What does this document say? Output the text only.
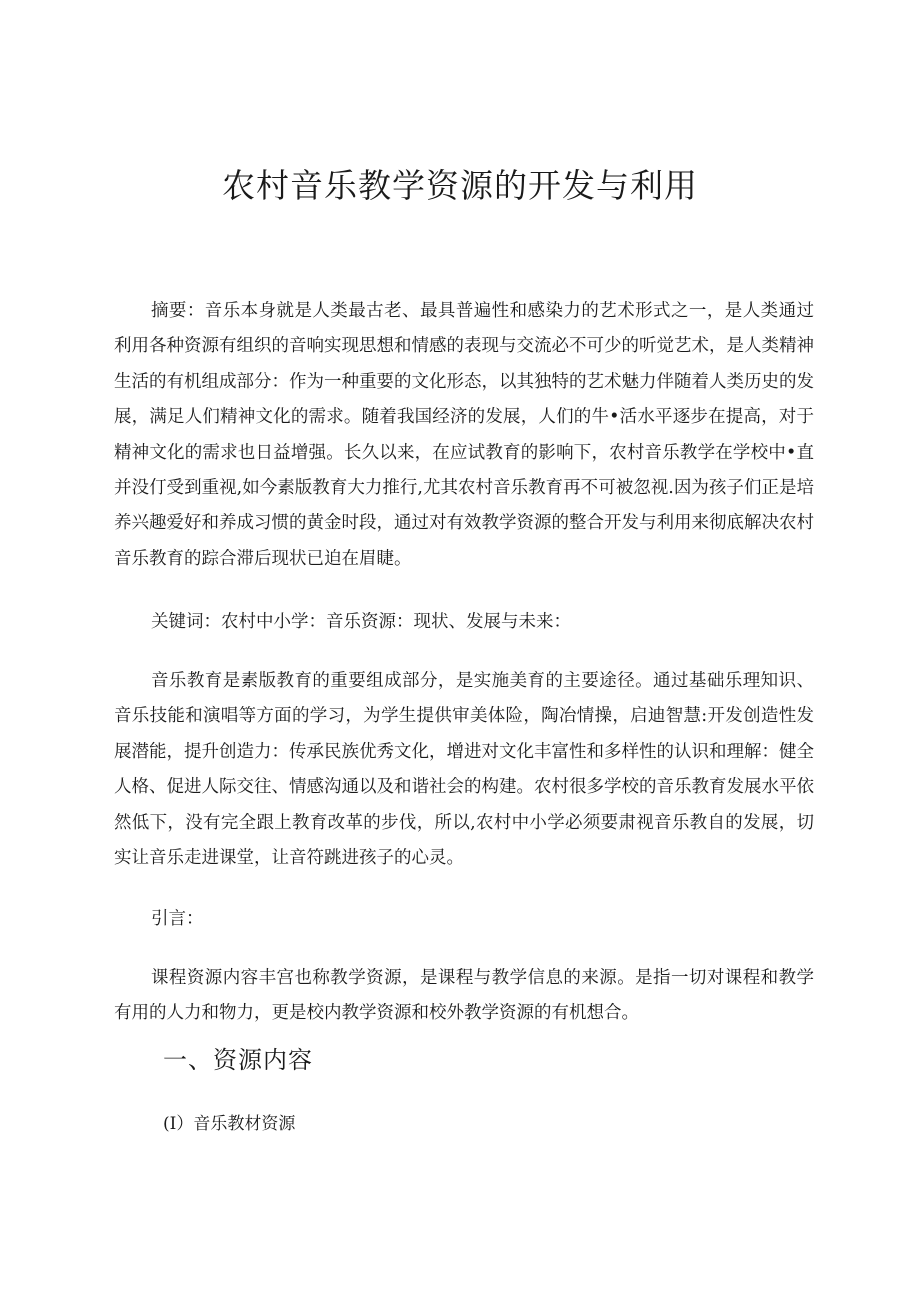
农村音乐教学资源的开发与利用

摘要：音乐本身就是人类最古老、最具普遍性和感染力的艺术形式之一，是人类通过利用各种资源有组织的音响实现思想和情感的表现与交流必不可少的听觉艺术，是人类精神生活的有机组成部分：作为一种重要的文化形态，以其独特的艺术魅力伴随着人类历史的发展，满足人们精神文化的需求。随着我国经济的发展，人们的牛•活水平逐步在提高，对于精神文化的需求也日益增强。长久以来，在应试教育的影响下，农村音乐教学在学校中•直并没仃受到重视,如今素版教育大力推行,尤其农村音乐教育再不可被忽视.因为孩子们正是培养兴趣爱好和养成习惯的黄金时段，通过对有效教学资源的整合开发与利用来彻底解决农村音乐教育的踪合滞后现状已迫在眉睫。

关键词：农村中小学：音乐资源：现状、发展与未来：

音乐教育是素版教育的重要组成部分，是实施美育的主要途径。通过基础乐理知识、音乐技能和演唱等方面的学习，为学生提供审美体险，陶冶情操，启迪智慧:开发创造性发展潜能，提升创造力：传承民族优秀文化，增进对文化丰富性和多样性的认识和理解：健全人格、促进人际交往、情感沟通以及和谐社会的构建。农村很多学校的音乐教育发展水平依然低下，没有完全跟上教育改革的步伐，所以,农村中小学必须要肃视音乐教自的发展，切实让音乐走进课堂，让音符跳进孩子的心灵。

引言：

课程资源内容丰宫也称教学资源，是课程与教学信息的来源。是指一切对课程和教学有用的人力和物力，更是校内教学资源和校外教学资源的有机想合。

一、资源内容

(I）音乐教材资源
